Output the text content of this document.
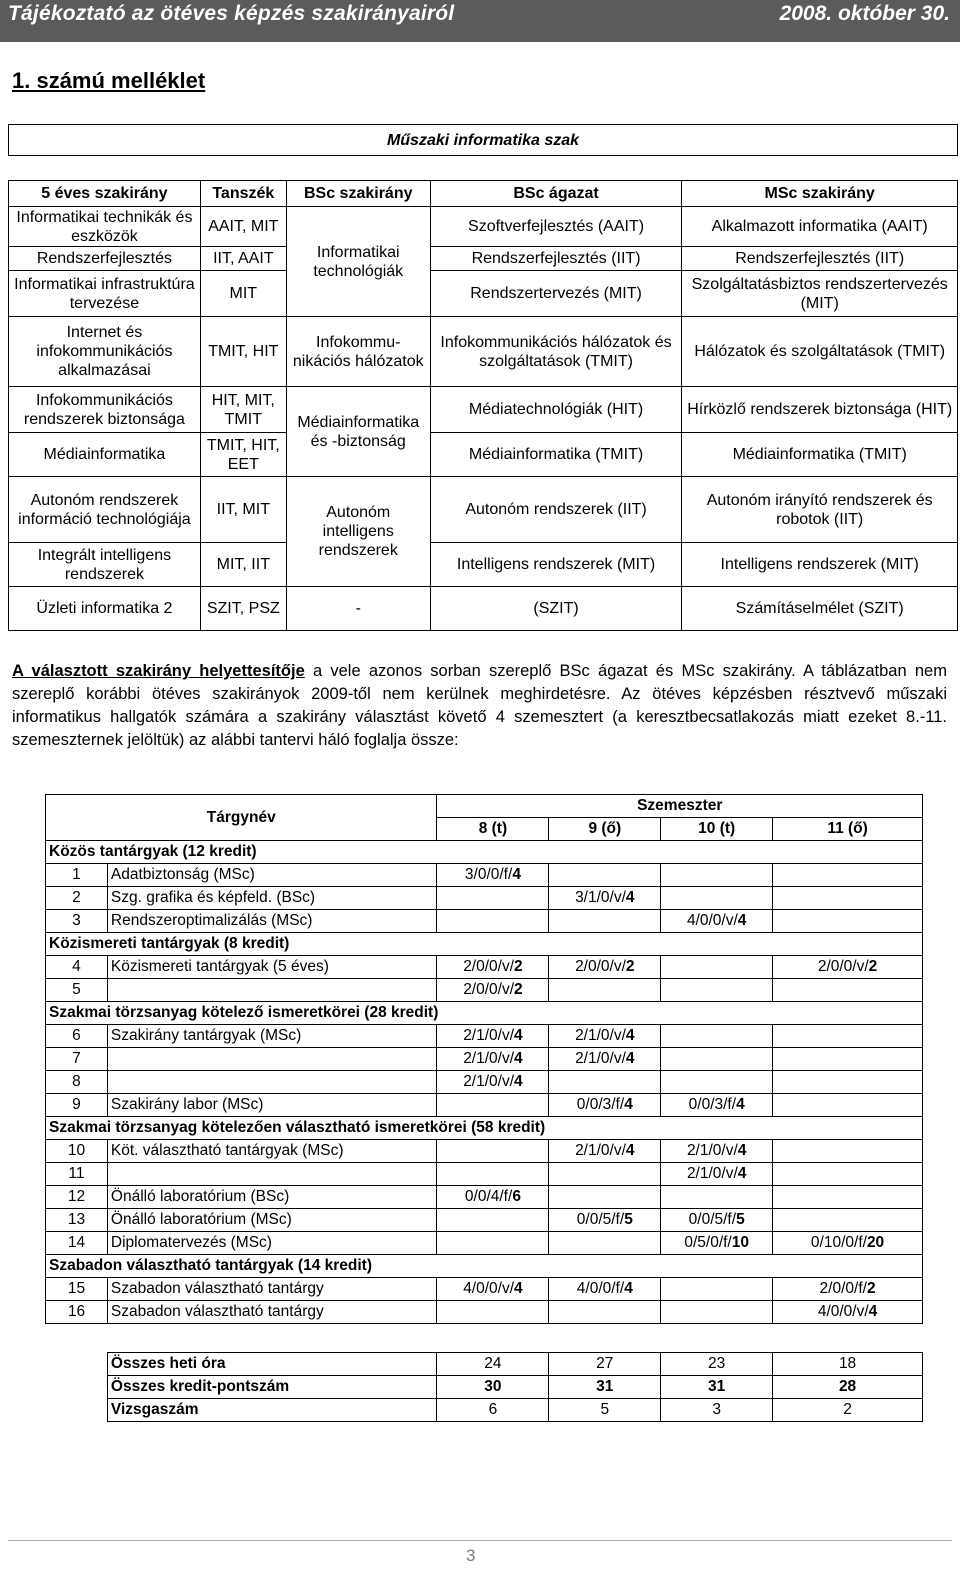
Tájékoztató az ötéves képzés szakirányairól	2008. október 30.
1. számú melléklet
Műszaki informatika szak				

5 éves szakirány	Tanszék	BSc szakirány	BSc ágazat	MSc szakirány
Informatikai technikák és eszközök	AAIT, MIT	Informatikai technológiák	Szoftverfejlesztés (AAIT)	Alkalmazott informatika (AAIT)
Rendszerfejlesztés	IIT, AAIT		Rendszerfejlesztés (IIT)	Rendszerfejlesztés (IIT)
Informatikai infrastruktúra tervezése	MIT		Rendszertervezés (MIT)	Szolgáltatásbiztos rendszertervezés (MIT)
Internet és infokommunikációs alkalmazásai	TMIT, HIT	Infokommu-nikációs hálózatok	Infokommunikációs hálózatok és szolgáltatások (TMIT)	Hálózatok és szolgáltatások (TMIT)
Infokommunikációs rendszerek biztonsága	HIT, MIT, TMIT	Médiainformatika és -biztonság	Médiatechnológiák (HIT)	Hírközlő rendszerek biztonsága (HIT)
Médiainformatika	TMIT, HIT, EET		Médiainformatika (TMIT)	Médiainformatika (TMIT)
Autonóm rendszerek információ technológiája	IIT, MIT	Autonóm intelligens rendszerek	Autonóm rendszerek (IIT)	Autonóm irányító rendszerek és robotok (IIT)
Integrált intelligens rendszerek	MIT, IIT		Intelligens rendszerek (MIT)	Intelligens rendszerek (MIT)
Üzleti informatika 2	SZIT, PSZ	-	(SZIT)	Számításelmélet (SZIT)
A választott szakirány helyettesítője a vele azonos sorban szereplő BSc ágazat és MSc szakirány. A táblázatban nem szereplő korábbi ötéves szakirányok 2009-től nem kerülnek meghirdetésre. Az ötéves képzésben résztvevő műszaki informatikus hallgatók számára a szakirány választást követő 4 szemesztert (a keresztbecsatlakozás miatt ezeket 8.-11. szemeszternek jelöltük) az alábbi tantervi háló foglalja össze:
Tárgynév		Szemeszter			
		8 (t)	9 (ő)	10 (t)	11 (ő)
Közös tantárgyak (12 kredit)					
1	Adatbiztonság (MSc)	3/0/0/f/4			
2	Szg. grafika és képfeld. (BSc)		3/1/0/v/4		
3	Rendszeroptimalizálás (MSc)			4/0/0/v/4	
Közismereti tantárgyak (8 kredit)					
4	Közismereti tantárgyak (5 éves)	2/0/0/v/2	2/0/0/v/2		2/0/0/v/2
5		2/0/0/v/2			
Szakmai törzsanyag kötelező ismeretkörei (28 kredit)					
6	Szakirány tantárgyak (MSc)	2/1/0/v/4	2/1/0/v/4		
7		2/1/0/v/4	2/1/0/v/4		
8		2/1/0/v/4			
9	Szakirány labor (MSc)		0/0/3/f/4	0/0/3/f/4	
Szakmai törzsanyag kötelezően választható ismeretkörei (58 kredit)					
10	Köt. választható tantárgyak (MSc)		2/1/0/v/4	2/1/0/v/4	
11				2/1/0/v/4	
12	Önálló laboratórium (BSc)	0/0/4/f/6			
13	Önálló laboratórium (MSc)		0/0/5/f/5	0/0/5/f/5	
14	Diplomatervezés (MSc)			0/5/0/f/10	0/10/0/f/20
Szabadon választható tantárgyak (14 kredit)					
15	Szabadon választható tantárgy	4/0/0/v/4	4/0/0/f/4		2/0/0/f/2
16	Szabadon választható tantárgy				4/0/0/v/4

	Összes heti óra	24	27	23	18
	Összes kredit-pontszám	30	31	31	28
	Vizsgaszám	6	5	3	2
3
